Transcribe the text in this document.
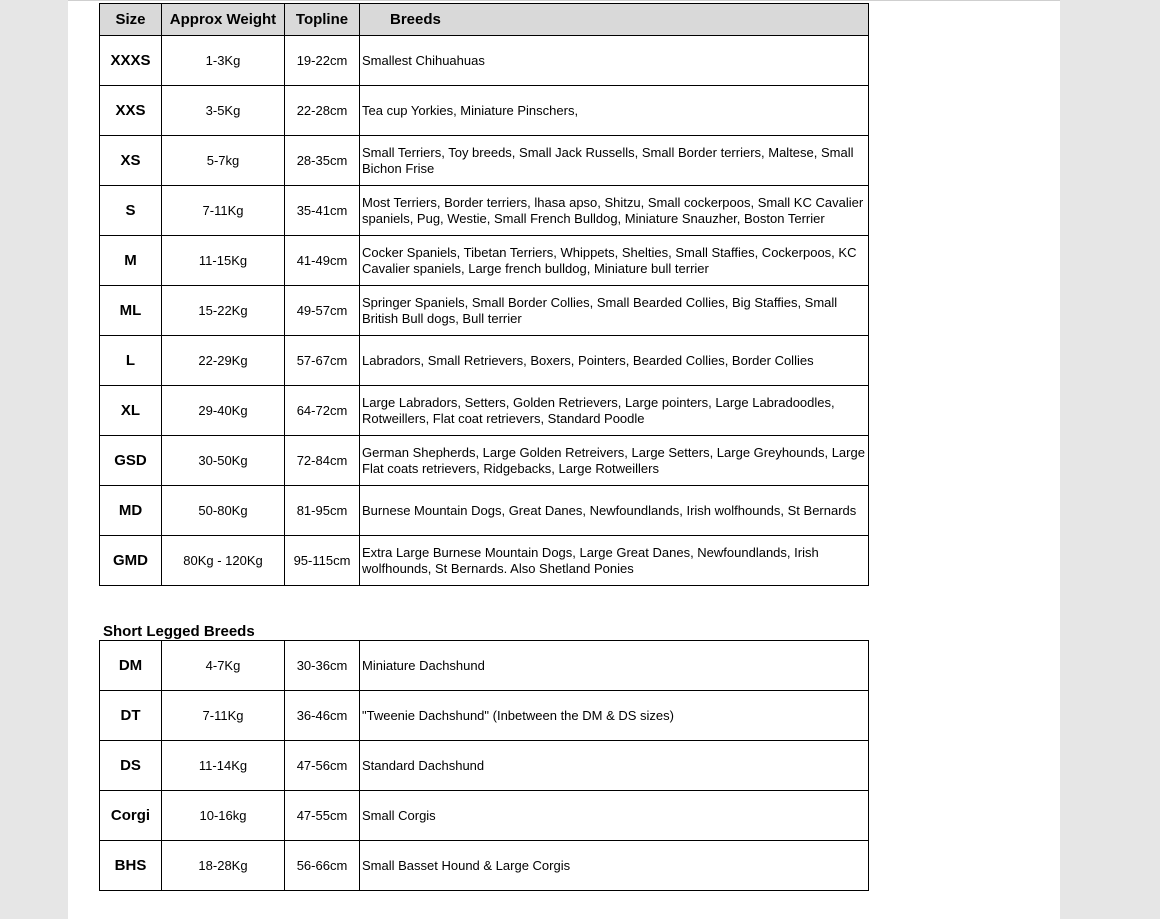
Size	Approx Weight	Topline	Breeds
XXXS	1-3Kg	19-22cm	Smallest Chihuahuas
XXS	3-5Kg	22-28cm	Tea cup Yorkies, Miniature Pinschers,
XS	5-7kg	28-35cm	Small Terriers, Toy breeds, Small Jack Russells, Small Border terriers, Maltese, Small Bichon Frise
S	7-11Kg	35-41cm	Most Terriers, Border terriers, lhasa apso, Shitzu, Small cockerpoos, Small KC Cavalier spaniels, Pug, Westie, Small French Bulldog, Miniature Snauzher, Boston Terrier
M	11-15Kg	41-49cm	Cocker Spaniels, Tibetan Terriers, Whippets, Shelties, Small Staffies, Cockerpoos, KC Cavalier spaniels, Large french bulldog, Miniature bull terrier
ML	15-22Kg	49-57cm	Springer Spaniels, Small Border Collies, Small Bearded Collies, Big Staffies, Small British Bull dogs, Bull terrier
L	22-29Kg	57-67cm	Labradors, Small Retrievers, Boxers, Pointers, Bearded Collies, Border Collies
XL	29-40Kg	64-72cm	Large Labradors, Setters, Golden Retrievers, Large pointers, Large Labradoodles, Rotweillers, Flat coat retrievers, Standard Poodle
GSD	30-50Kg	72-84cm	German Shepherds, Large Golden Retreivers, Large Setters, Large Greyhounds, Large Flat coats retrievers, Ridgebacks, Large Rotweillers
MD	50-80Kg	81-95cm	Burnese Mountain Dogs, Great Danes, Newfoundlands, Irish wolfhounds, St Bernards
GMD	80Kg - 120Kg	95-115cm	Extra Large Burnese Mountain Dogs, Large Great Danes, Newfoundlands, Irish wolfhounds, St Bernards. Also Shetland Ponies
Short Legged Breeds
DM	4-7Kg	30-36cm	Miniature Dachshund
DT	7-11Kg	36-46cm	"Tweenie Dachshund" (Inbetween the DM & DS sizes)
DS	11-14Kg	47-56cm	Standard Dachshund
Corgi	10-16kg	47-55cm	Small Corgis
BHS	18-28Kg	56-66cm	Small Basset Hound & Large Corgis
